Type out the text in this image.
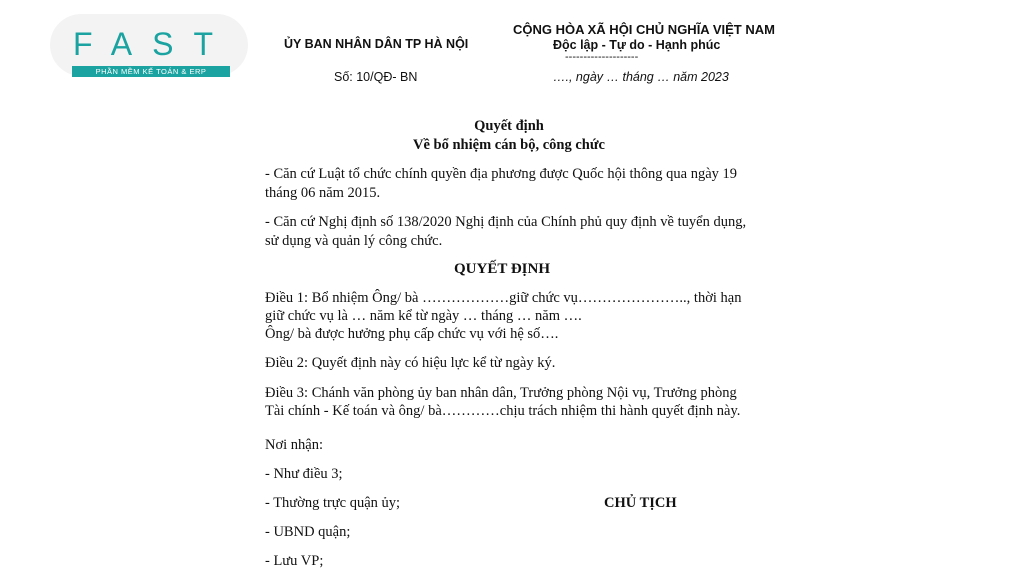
FAST
PHẦN MỀM KẾ TOÁN & ERP
ỦY BAN NHÂN DÂN TP HÀ NỘI
Số: 10/QĐ- BN
CỘNG HÒA XÃ HỘI CHỦ NGHĨA VIỆT NAM
Độc lập - Tự do - Hạnh phúc
--------------------
…., ngày … tháng … năm 2023
Quyết định
Về bổ nhiệm cán bộ, công chức
- Căn cứ Luật tổ chức chính quyền địa phương được Quốc hội thông qua ngày 19 tháng 06 năm 2015.
- Căn cứ Nghị định số 138/2020 Nghị định của Chính phủ quy định về tuyển dụng, sử dụng và quản lý công chức.
QUYẾT ĐỊNH
Điều 1: Bổ nhiệm Ông/ bà ………………giữ chức vụ………………….., thời hạn
giữ chức vụ là … năm kể từ ngày … tháng … năm ….
Ông/ bà được hưởng phụ cấp chức vụ với hệ số….
Điều 2: Quyết định này có hiệu lực kể từ ngày ký.
Điều 3: Chánh văn phòng ủy ban nhân dân, Trưởng phòng Nội vụ, Trưởng phòng
Tài chính - Kế toán và ông/ bà…………chịu trách nhiệm thi hành quyết định này.
Nơi nhận:
- Như điều 3;
- Thường trực quận ủy;
- UBND quận;
- Lưu VP;
CHỦ TỊCH
